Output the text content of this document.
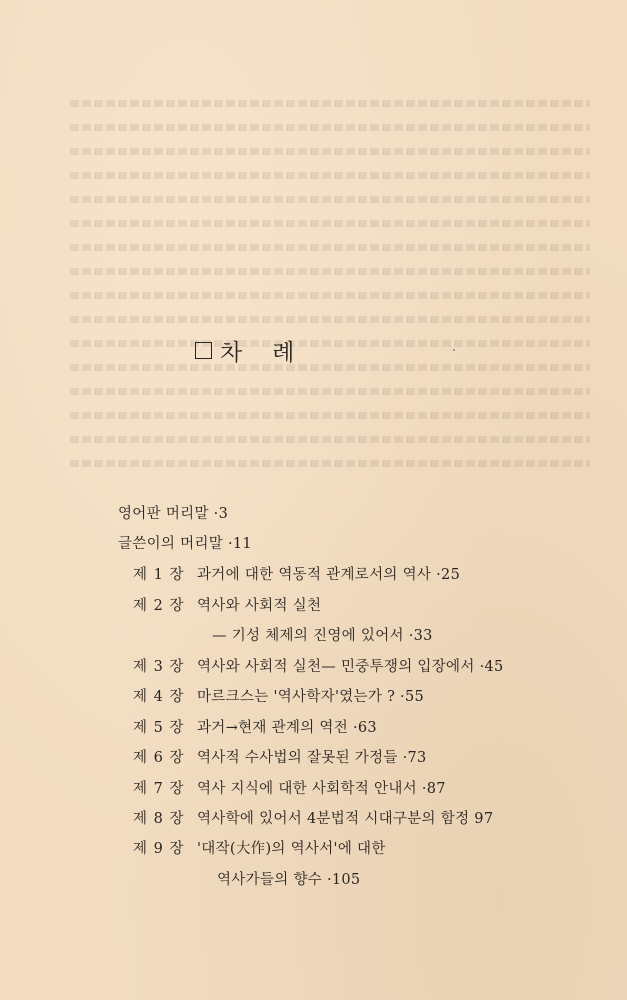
차   례
영어판 머리말 ·3
글쓴이의 머리말 ·11
제 1 장 과거에 대한 역동적 관계로서의 역사 ·25
제 2 장 역사와 사회적 실천
— 기성 체제의 진영에 있어서 ·33
제 3 장 역사와 사회적 실천— 민중투쟁의 입장에서 ·45
제 4 장 마르크스는 '역사학자'였는가 ? ·55
제 5 장 과거→현재 관계의 역전 ·63
제 6 장 역사적 수사법의 잘못된 가정들 ·73
제 7 장 역사 지식에 대한 사회학적 안내서 ·87
제 8 장 역사학에 있어서 4분법적 시대구분의 함정 97
제 9 장 '대작(大作)의 역사서'에 대한
역사가들의 향수 ·105
